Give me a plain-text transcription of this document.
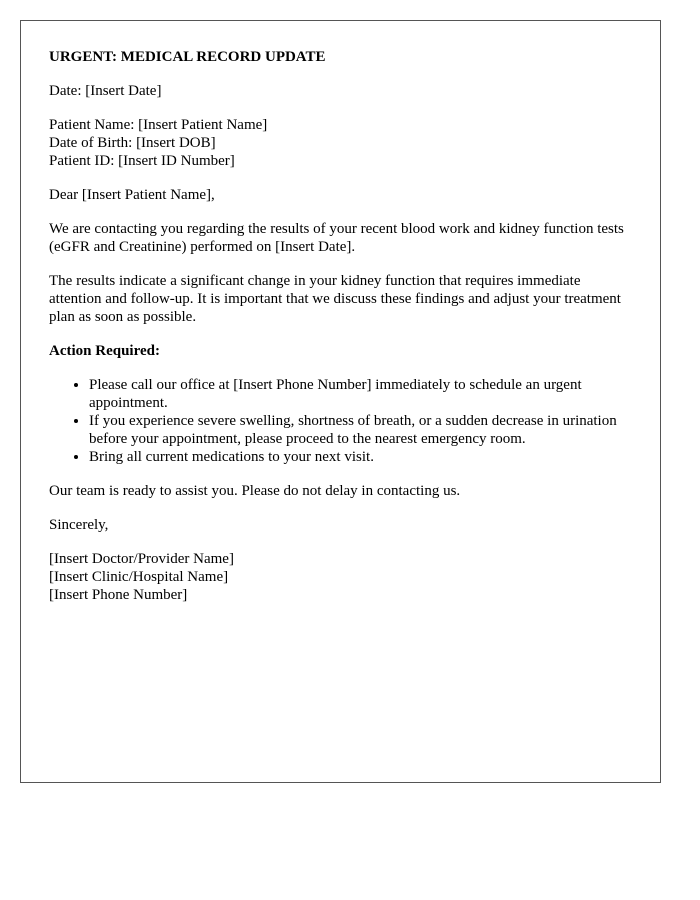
URGENT: MEDICAL RECORD UPDATE

Date: [Insert Date]

Patient Name: [Insert Patient Name]
Date of Birth: [Insert DOB]
Patient ID: [Insert ID Number]

Dear [Insert Patient Name],

We are contacting you regarding the results of your recent blood work and kidney function tests (eGFR and Creatinine) performed on [Insert Date].

The results indicate a significant change in your kidney function that requires immediate attention and follow-up. It is important that we discuss these findings and adjust your treatment plan as soon as possible.

Action Required:

• Please call our office at [Insert Phone Number] immediately to schedule an urgent appointment.
• If you experience severe swelling, shortness of breath, or a sudden decrease in urination before your appointment, please proceed to the nearest emergency room.
• Bring all current medications to your next visit.

Our team is ready to assist you. Please do not delay in contacting us.

Sincerely,

[Insert Doctor/Provider Name]
[Insert Clinic/Hospital Name]
[Insert Phone Number]
